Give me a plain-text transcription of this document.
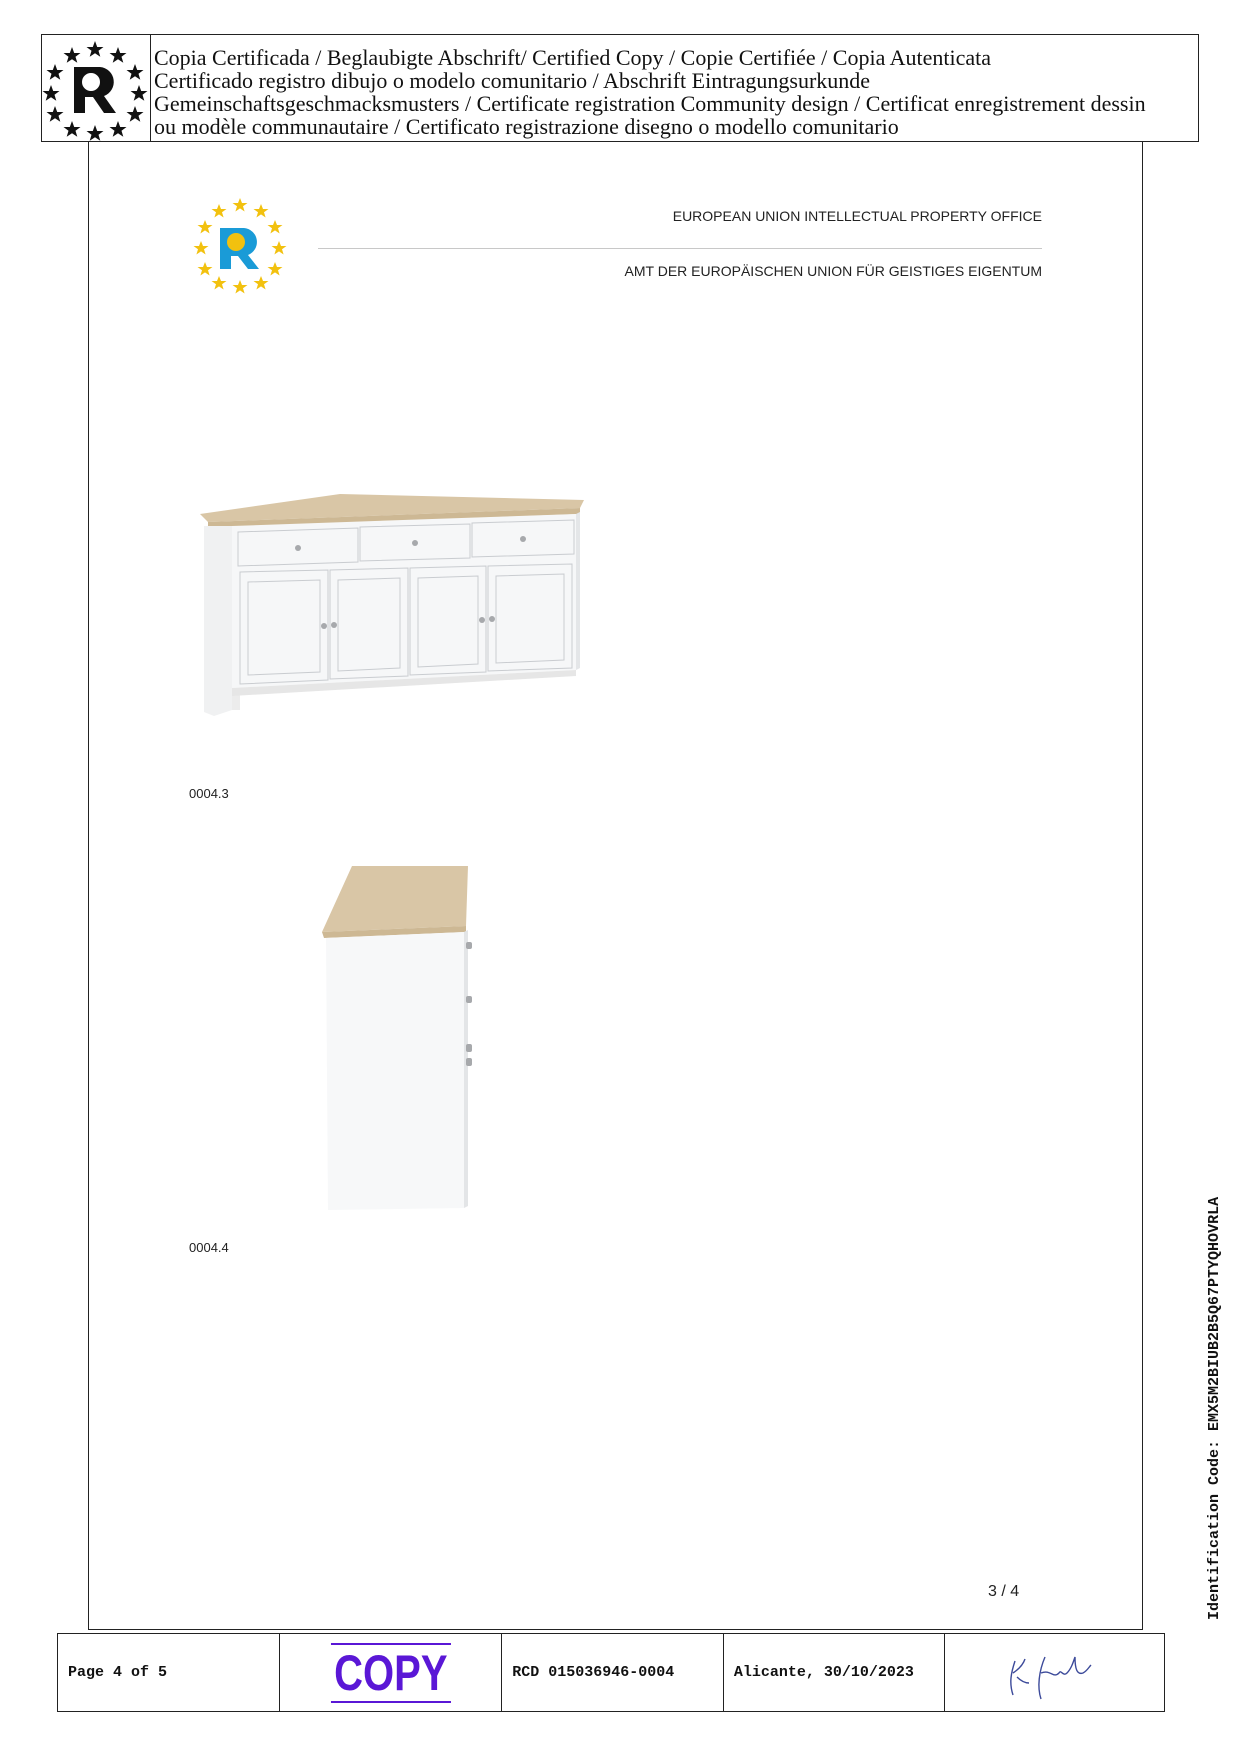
Copia Certificada / Beglaubigte Abschrift/ Certified Copy / Copie Certifiée / Copia Autenticata
Certificado registro dibujo o modelo comunitario / Abschrift Eintragungsurkunde
Gemeinschaftsgeschmacksmusters / Certificate registration Community design / Certificat enregistrement dessin
ou modèle communautaire / Certificato registrazione disegno o modello comunitario
EUROPEAN UNION INTELLECTUAL PROPERTY OFFICE
AMT DER EUROPÄISCHEN UNION FÜR GEISTIGES EIGENTUM
0004.3
0004.4
3 / 4	Identification Code: EMX5M2BIUB2B5Q67PTYQHOVRLA
Page 4 of 5	COPY	RCD 015036946-0004	Alicante, 30/10/2023
